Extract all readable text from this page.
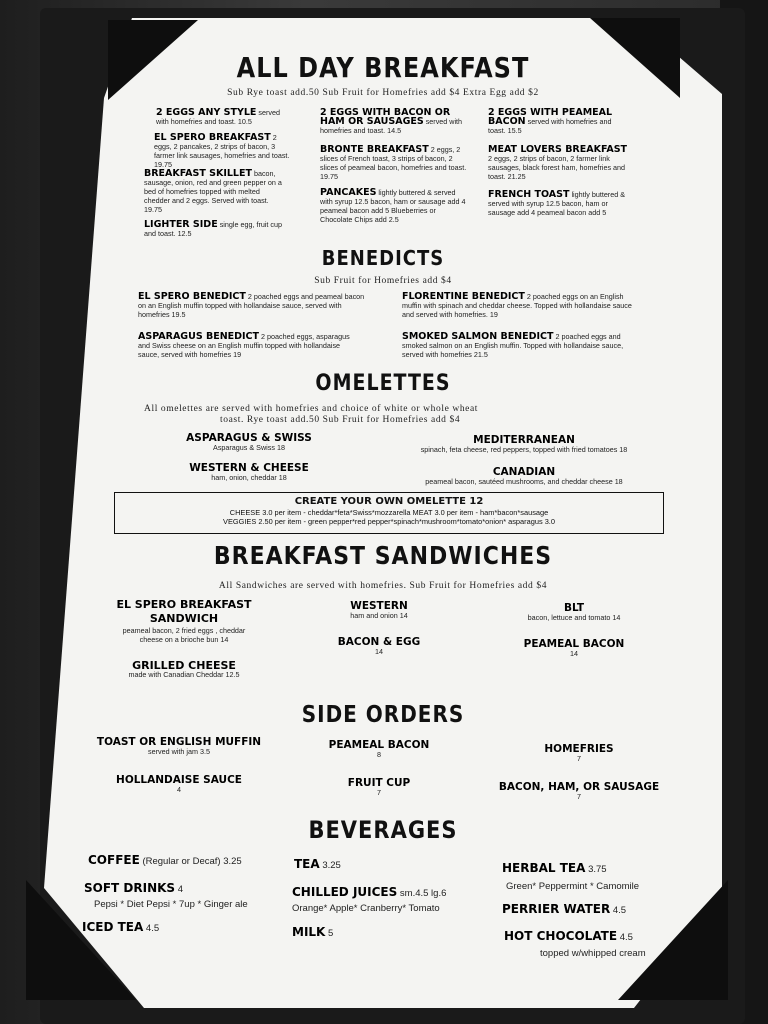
ALL DAY BREAKFAST
Sub Rye toast add.50 Sub Fruit for Homefries add $4 Extra Egg add $2
2 EGGS ANY STYLE served with homefries and toast. 10.5
EL SPERO BREAKFAST 2 eggs, 2 pancakes, 2 strips of bacon, 3 farmer link sausages, homefries and toast. 19.75
BREAKFAST SKILLET bacon, sausage, onion, red and green pepper on a bed of homefries topped with melted chedder and 2 eggs. Served with toast. 19.75
LIGHTER SIDE single egg, fruit cup and toast. 12.5
2 EGGS WITH BACON OR HAM OR SAUSAGES served with homefries and toast. 14.5
BRONTE BREAKFAST 2 eggs, 2 slices of French toast, 3 strips of bacon, 2 slices of peameal bacon, homefries and toast. 19.75
PANCAKES lightly buttered & served with syrup 12.5 bacon, ham or sausage add 4 peameal bacon add 5 Blueberries or Chocolate Chips add 2.5
2 EGGS WITH PEAMEAL BACON served with homefries and toast. 15.5
MEAT LOVERS BREAKFAST 2 eggs, 2 strips of bacon, 2 farmer link sausages, black forest ham, homefries and toast. 21.25
FRENCH TOAST lightly buttered & served with syrup 12.5 bacon, ham or sausage add 4 peameal bacon add 5
BENEDICTS
Sub Fruit for Homefries add $4
EL SPERO BENEDICT 2 poached eggs and peameal bacon on an English muffin topped with hollandaise sauce, served with homefries 19.5
ASPARAGUS BENEDICT 2 poached eggs, asparagus and Swiss cheese on an English muffin topped with hollandaise sauce, served with homefries 19
FLORENTINE BENEDICT 2 poached eggs on an English muffin with spinach and cheddar cheese. Topped with hollandaise sauce and served with homefries. 19
SMOKED SALMON BENEDICT 2 poached eggs and smoked salmon on an English muffin. Topped with hollandaise sauce, served with homefries 21.5
OMELETTES
All omelettes are served with homefries and choice of white or whole wheat
toast. Rye toast add.50 Sub Fruit for Homefries add $4
ASPARAGUS & SWISS
Asparagus & Swiss 18
WESTERN & CHEESE
ham, onion, cheddar 18
MEDITERRANEAN
spinach, feta cheese, red peppers, topped with fried tomatoes 18
CANADIAN
peameal bacon, sautéed mushrooms, and cheddar cheese 18
CREATE YOUR OWN OMELETTE 12
CHEESE 3.0 per item - cheddar*feta*Swiss*mozzarella MEAT 3.0 per item - ham*bacon*sausage
VEGGIES 2.50 per item - green pepper*red pepper*spinach*mushroom*tomato*onion* asparagus 3.0
BREAKFAST SANDWICHES
All Sandwiches are served with homefries. Sub Fruit for Homefries add $4
EL SPERO BREAKFAST SANDWICH
peameal bacon, 2 fried eggs , cheddar cheese on a brioche bun 14
GRILLED CHEESE
made with Canadian Cheddar 12.5
WESTERN
ham and onion 14
BACON & EGG
14
BLT
bacon, lettuce and tomato 14
PEAMEAL BACON
14
SIDE ORDERS
TOAST OR ENGLISH MUFFIN
served with jam 3.5
HOLLANDAISE SAUCE
4
PEAMEAL BACON
8
FRUIT CUP
7
HOMEFRIES
7
BACON, HAM, OR SAUSAGE
7
BEVERAGES
COFFEE (Regular or Decaf) 3.25
SOFT DRINKS 4
Pepsi * Diet Pepsi * 7up * Ginger ale
ICED TEA 4.5
TEA 3.25
CHILLED JUICES sm.4.5 lg.6
Orange* Apple* Cranberry* Tomato
MILK 5
HERBAL TEA 3.75
Green* Peppermint * Camomile
PERRIER WATER 4.5
HOT CHOCOLATE 4.5
topped w/whipped cream
